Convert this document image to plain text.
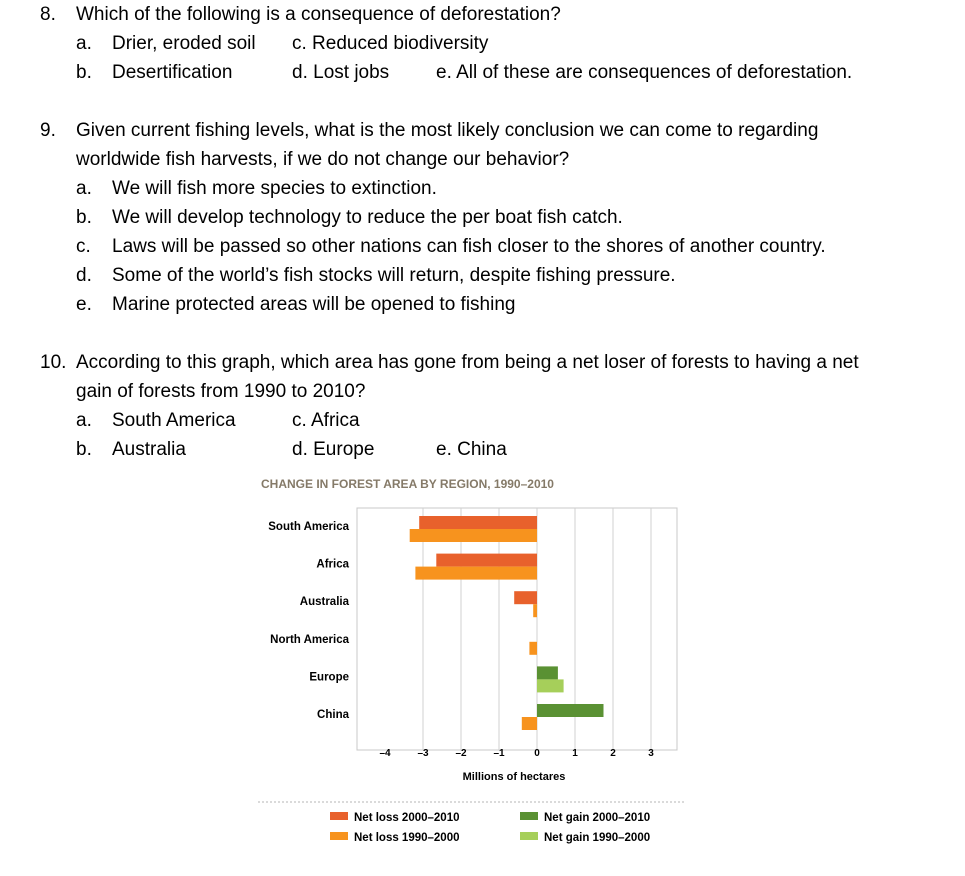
8. Which of the following is a consequence of deforestation?
a. Drier, eroded soil c. Reduced biodiversity
b. Desertification	d. Lost jobs e. All of these are consequences of deforestation.
9. Given current fishing levels, what is the most likely conclusion we can come to regarding
worldwide fish harvests, if we do not change our behavior?
a. We will fish more species to extinction.
b. We will develop technology to reduce the per boat fish catch.
c. Laws will be passed so other nations can fish closer to the shores of another country.
d. Some of the world’s fish stocks will return, despite fishing pressure.
e. Marine protected areas will be opened to fishing
10. According to this graph, which area has gone from being a net loser of forests to having a net
gain of forests from 1990 to 2010?
a. South America	c. Africa
b. Australia	d. Europe	e. China
CHANGE IN FOREST AREA BY REGION, 1990–2010
South America
Africa
Australia
North America
Europe
China
–4	–3	–2	–1	0	1	2	3
Millions of hectares
Net loss 2000–2010
Net loss 1990–2000
Net gain 2000–2010
Net gain 1990–2000
